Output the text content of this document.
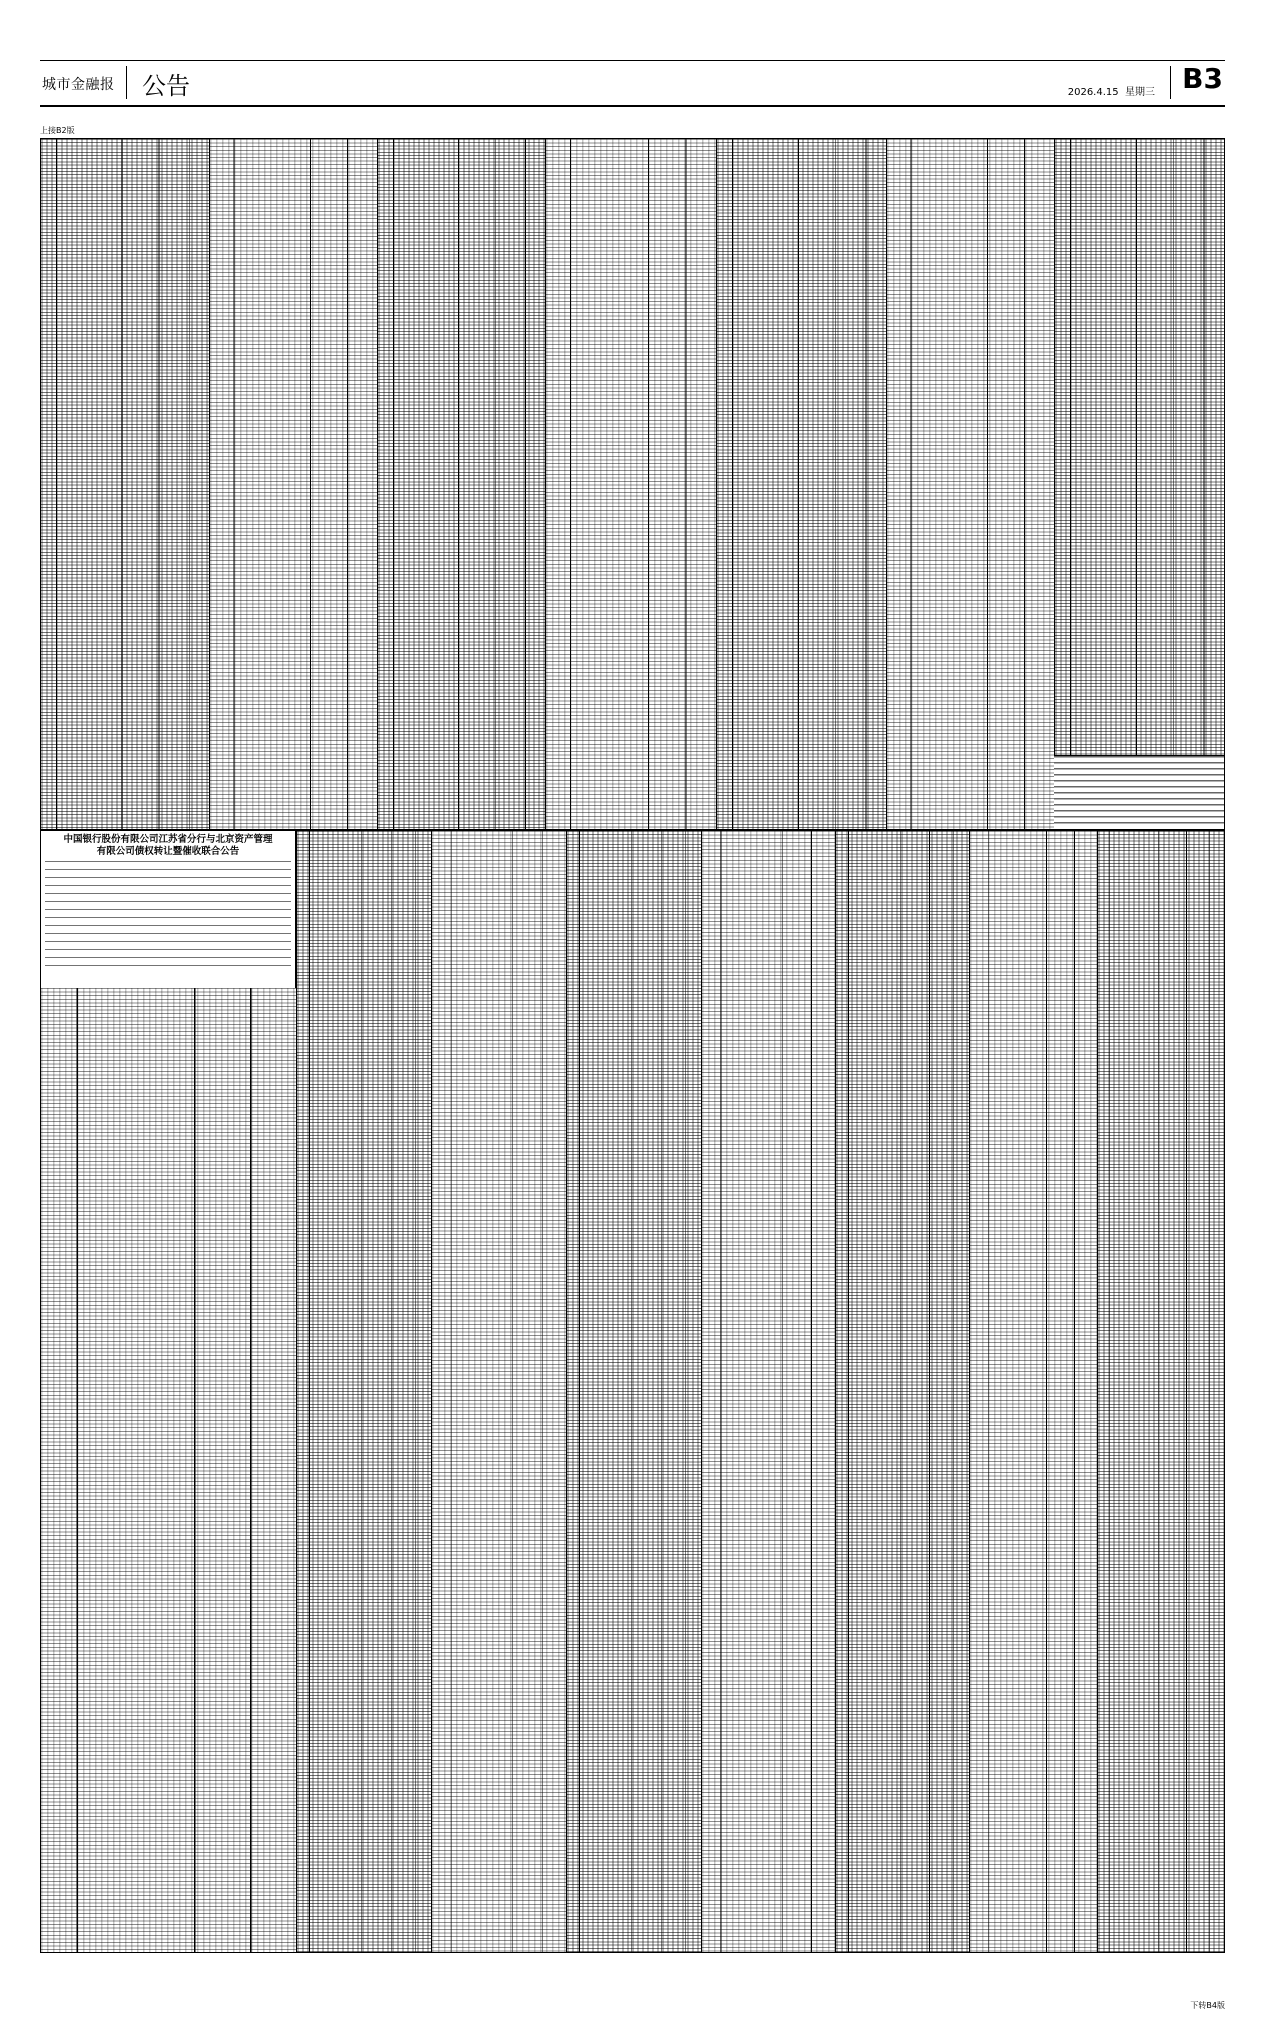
城市金融报 公告	2026.4.15 星期三 B3
上接B2版
中国银行股份有限公司江苏省分行与北京资产管理
有限公司债权转让暨催收联合公告
下转B4版
